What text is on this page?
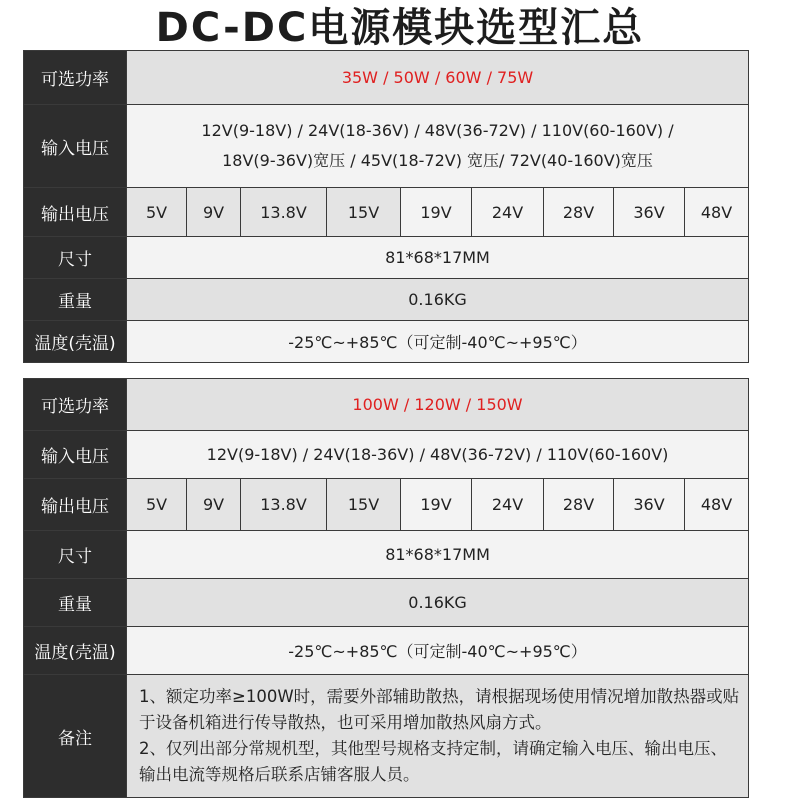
DC-DC电源模块选型汇总
可选功率	35W / 50W / 60W / 75W								
输入电压	12V(9-18V) / 24V(18-36V) / 48V(36-72V) / 110V(60-160V) /
18V(9-36V)宽压 / 45V(18-72V) 宽压/ 72V(40-160V)宽压								

输出电压	5V	9V	13.8V	15V	19V	24V	28V	36V	48V
尺寸	81*68*17MM								
重量	0.16KG								
温度(壳温)	-25℃~+85℃（可定制-40℃~+95℃）								
可选功率	100W / 120W / 150W								
输入电压	12V(9-18V) / 24V(18-36V) / 48V(36-72V) / 110V(60-160V)								
输出电压	5V	9V	13.8V	15V	19V	24V	28V	36V	48V
尺寸	81*68*17MM								
重量	0.16KG								
温度(壳温)	-25℃~+85℃（可定制-40℃~+95℃）								
备注	1、额定功率≥100W时，需要外部辅助散热，请根据现场使用情况增加散热器或贴于设备机箱进行传导散热，也可采用增加散热风扇方式。
2、仅列出部分常规机型，其他型号规格支持定制，请确定输入电压、输出电压、输出电流等规格后联系店铺客服人员。								
